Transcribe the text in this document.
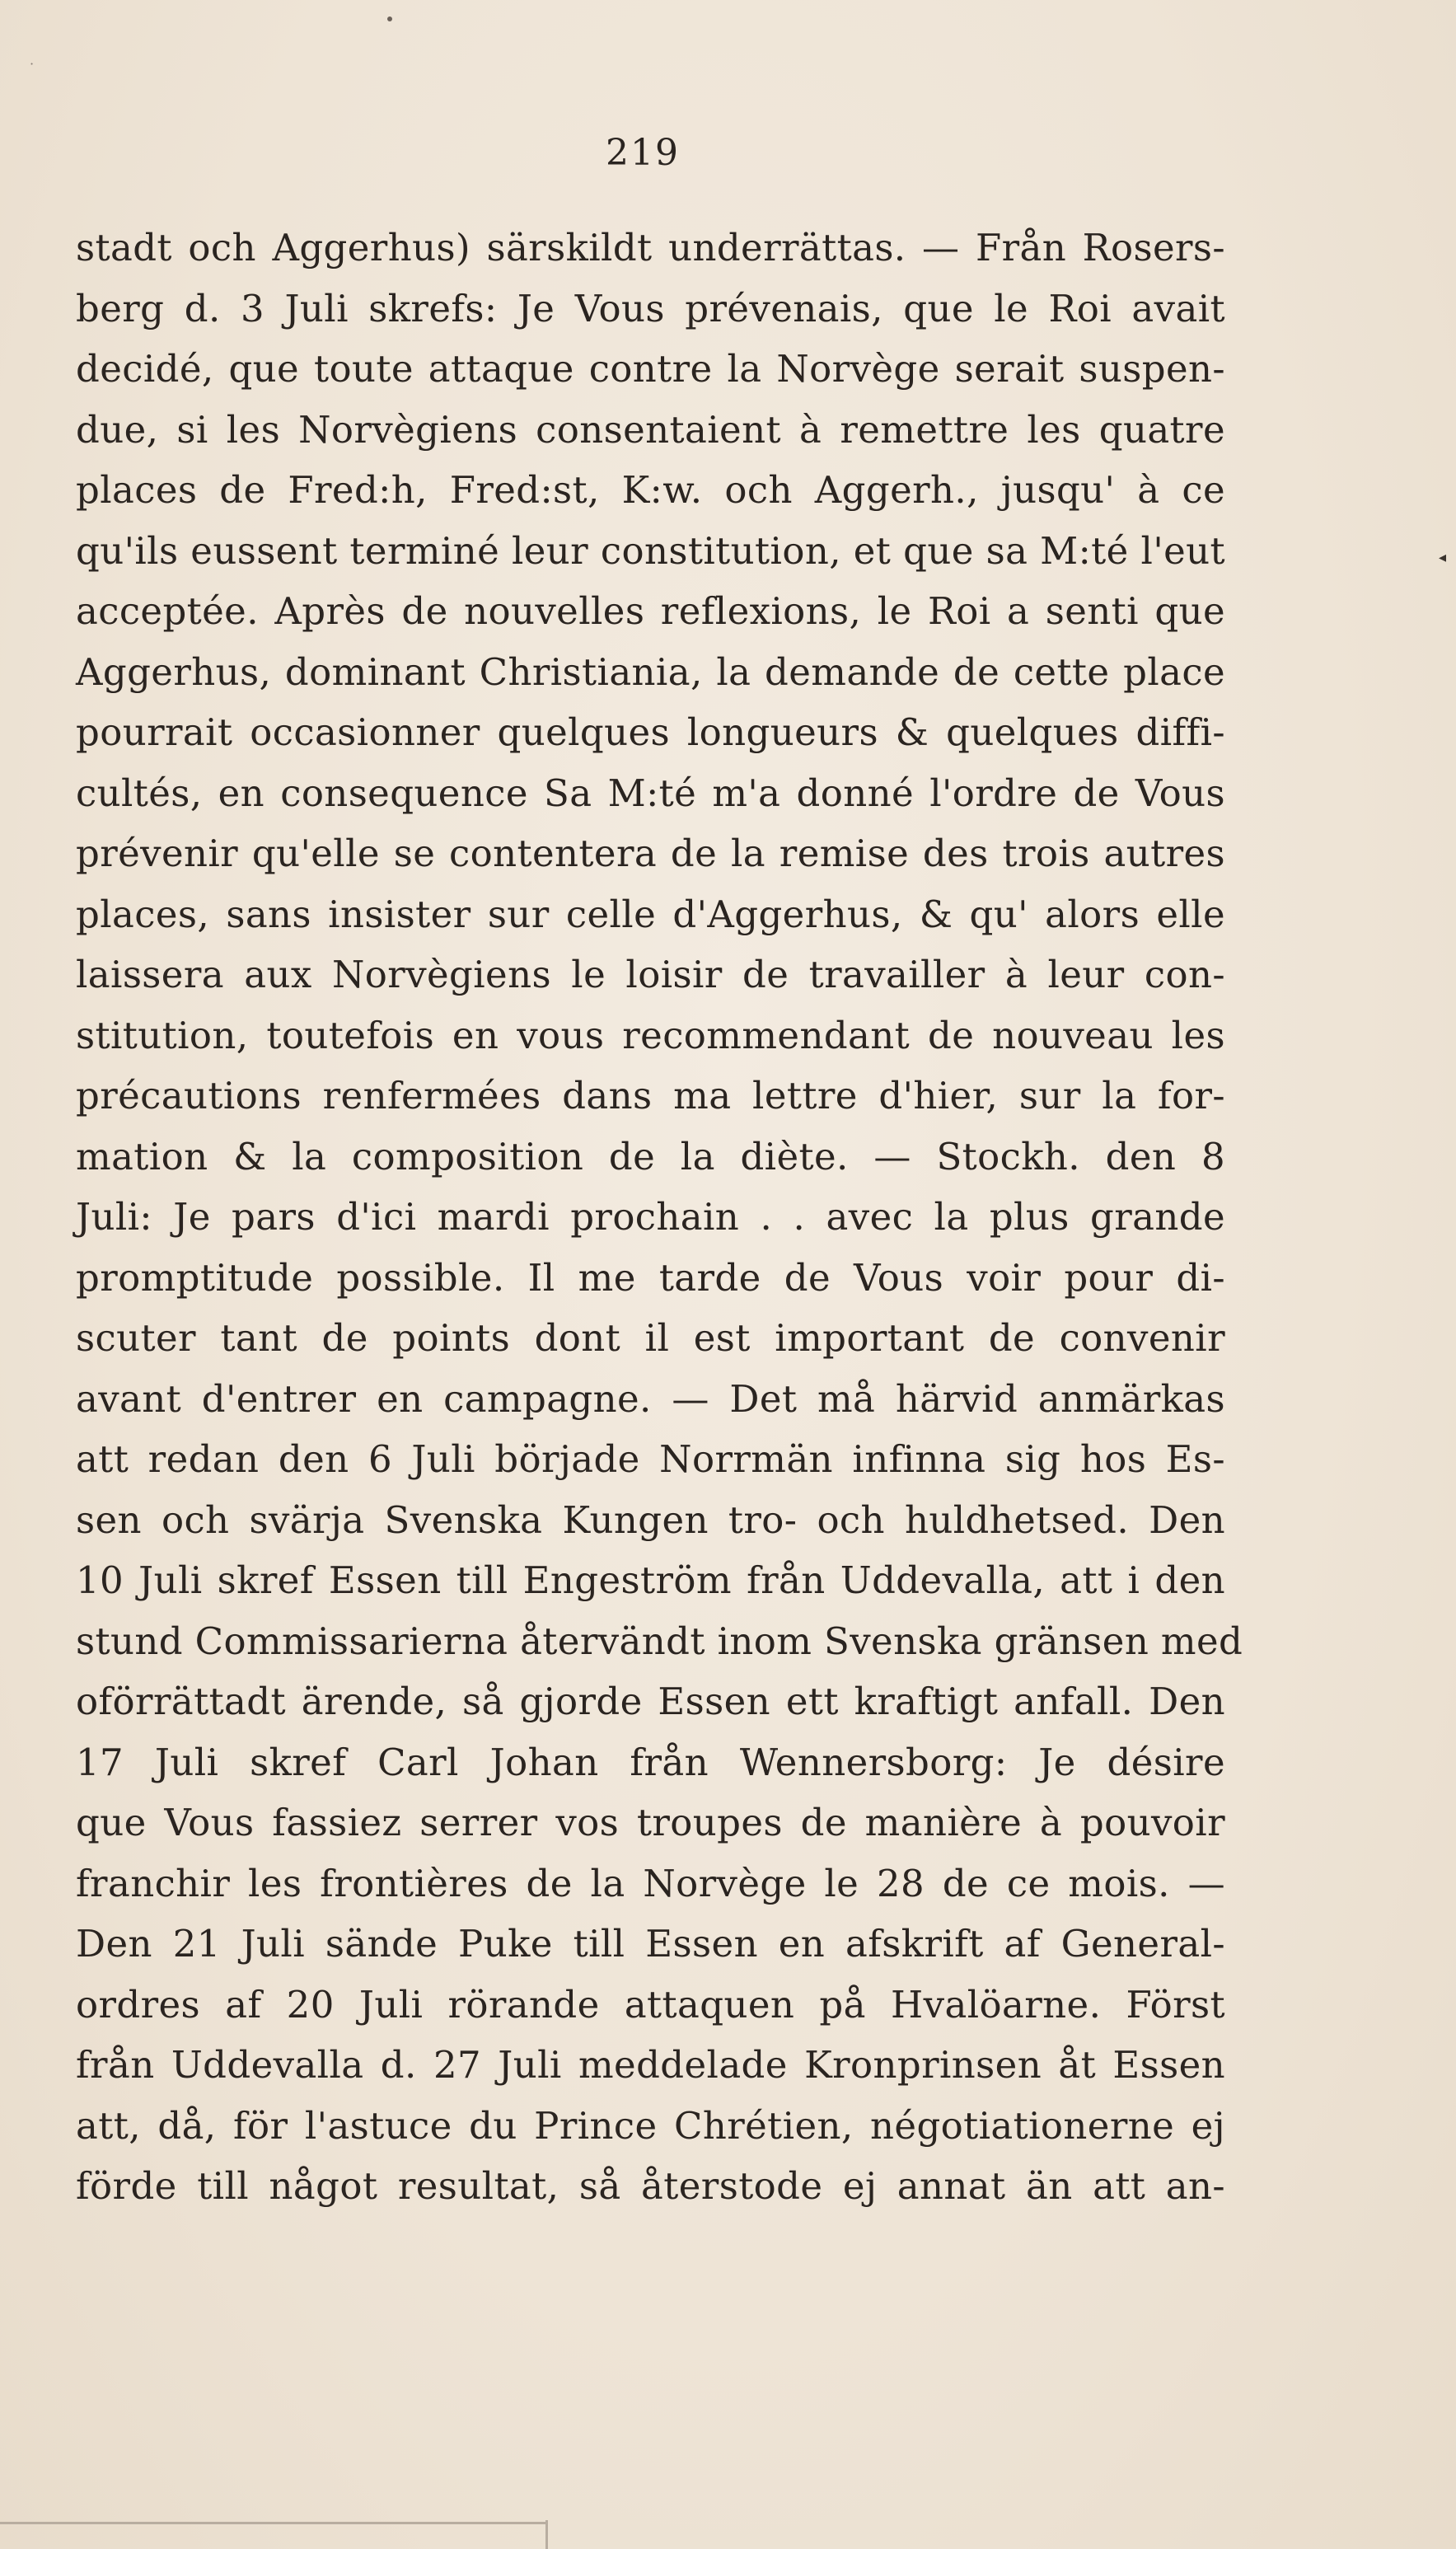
·
◂
219
stadt och Aggerhus) särskildt underrättas. — Från Rosers-
berg d. 3 Juli skrefs: Je Vous prévenais, que le Roi avait
decidé, que toute attaque contre la Norvège serait suspen-
due, si les Norvègiens consentaient à remettre les quatre
places de Fred:h, Fred:st, K:w. och Aggerh., jusqu' à ce
qu'ils eussent terminé leur constitution, et que sa M:té l'eut
acceptée. Après de nouvelles reflexions, le Roi a senti que
Aggerhus, dominant Christiania, la demande de cette place
pourrait occasionner quelques longueurs & quelques diffi-
cultés, en consequence Sa M:té m'a donné l'ordre de Vous
prévenir qu'elle se contentera de la remise des trois autres
places, sans insister sur celle d'Aggerhus, & qu' alors elle
laissera aux Norvègiens le loisir de travailler à leur con-
stitution, toutefois en vous recommendant de nouveau les
précautions renfermées dans ma lettre d'hier, sur la for-
mation & la composition de la diète. — Stockh. den 8
Juli: Je pars d'ici mardi prochain . . avec la plus grande
promptitude possible. Il me tarde de Vous voir pour di-
scuter tant de points dont il est important de convenir
avant d'entrer en campagne. — Det må härvid anmärkas
att redan den 6 Juli började Norrmän infinna sig hos Es-
sen och svärja Svenska Kungen tro- och huldhetsed. Den
10 Juli skref Essen till Engeström från Uddevalla, att i den
stund Commissarierna återvändt inom Svenska gränsen med
oförrättadt ärende, så gjorde Essen ett kraftigt anfall. Den
17 Juli skref Carl Johan från Wennersborg: Je désire
que Vous fassiez serrer vos troupes de manière à pouvoir
franchir les frontières de la Norvège le 28 de ce mois. —
Den 21 Juli sände Puke till Essen en afskrift af General-
ordres af 20 Juli rörande attaquen på Hvalöarne. Först
från Uddevalla d. 27 Juli meddelade Kronprinsen åt Essen
att, då, för l'astuce du Prince Chrétien, négotiationerne ej
förde till något resultat, så återstode ej annat än att an-
